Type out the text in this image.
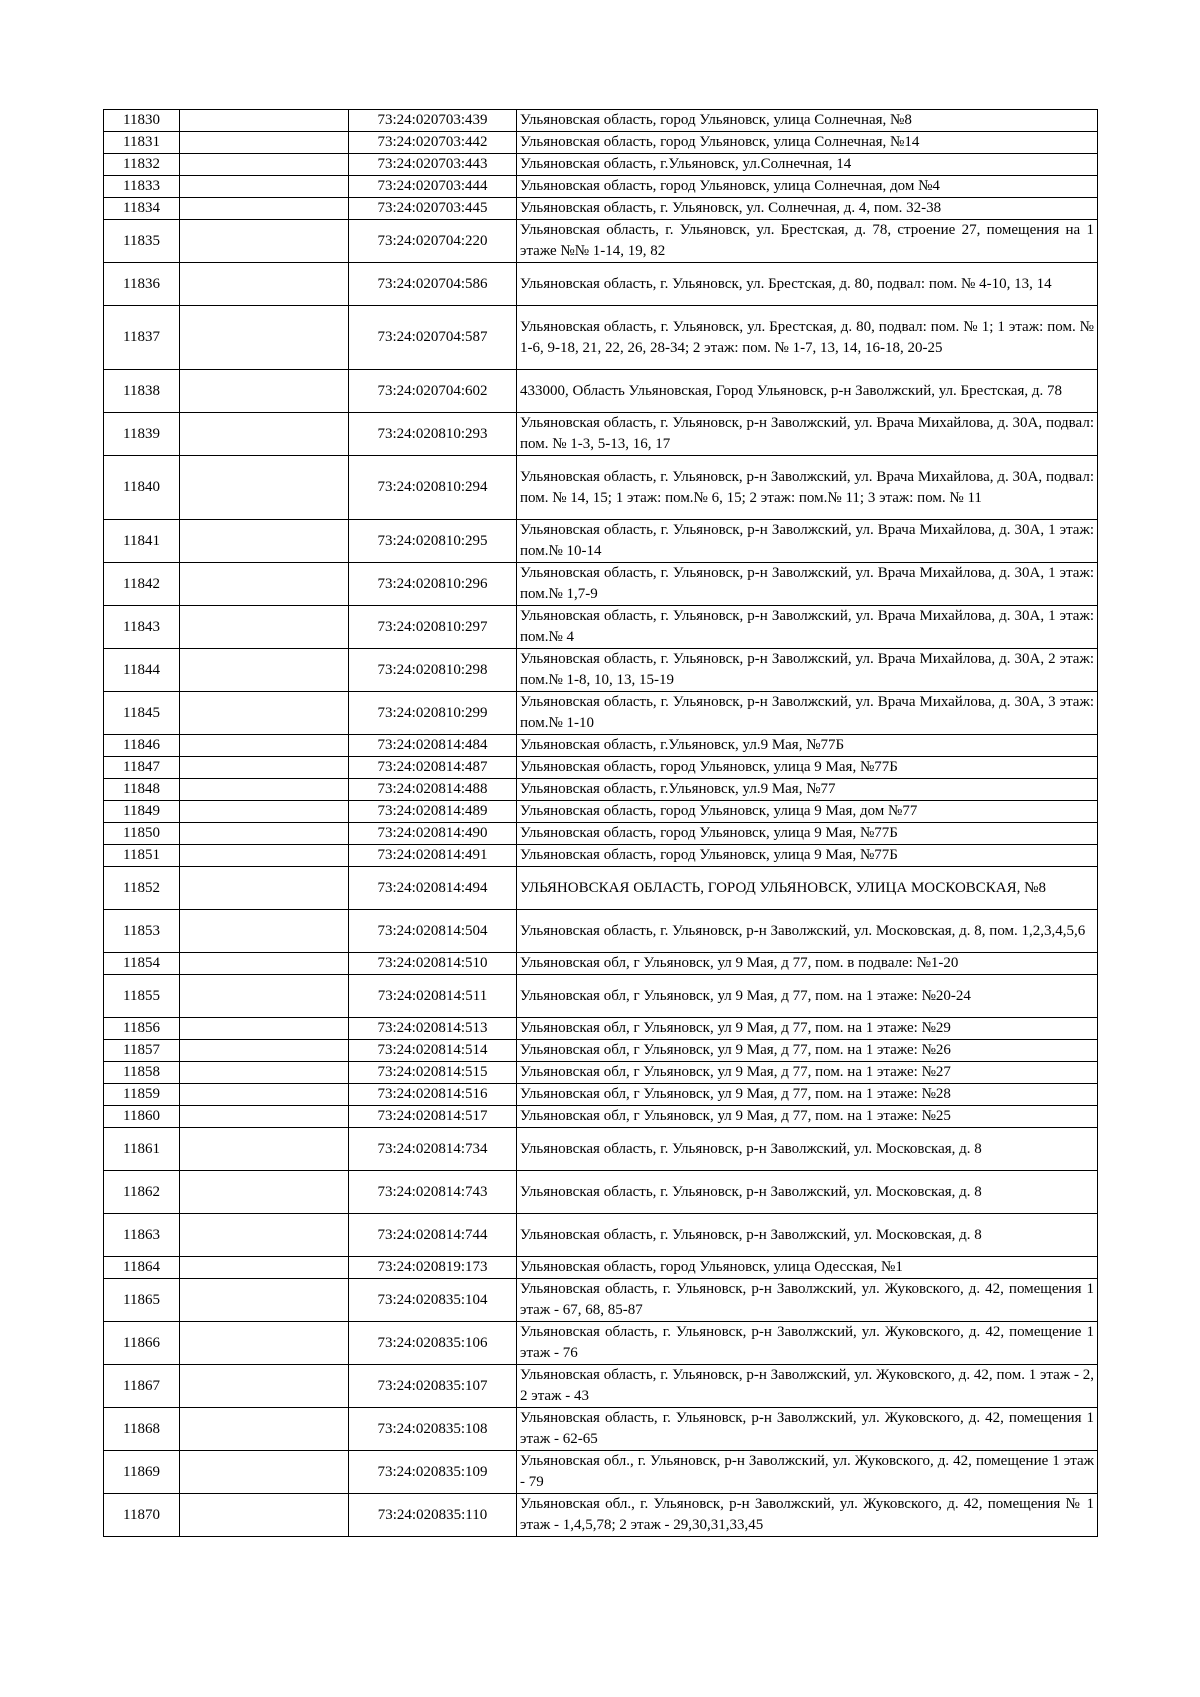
11830		73:24:020703:439	Ульяновская область, город Ульяновск, улица Солнечная, №8
11831		73:24:020703:442	Ульяновская область, город Ульяновск, улица Солнечная, №14
11832		73:24:020703:443	Ульяновская область, г.Ульяновск, ул.Солнечная, 14
11833		73:24:020703:444	Ульяновская область, город Ульяновск, улица Солнечная, дом №4
11834		73:24:020703:445	Ульяновская область, г. Ульяновск, ул. Солнечная, д. 4, пом. 32-38
11835		73:24:020704:220	Ульяновская область, г. Ульяновск, ул. Брестская, д. 78, строение 27, помещения на 1 этаже №№ 1-14, 19, 82
11836		73:24:020704:586	Ульяновская область, г. Ульяновск, ул. Брестская, д. 80, подвал: пом. № 4-10, 13, 14
11837		73:24:020704:587	Ульяновская область, г. Ульяновск, ул. Брестская, д. 80, подвал: пом. № 1; 1 этаж: пом. № 1-6, 9-18, 21, 22, 26, 28-34; 2 этаж: пом. № 1-7, 13, 14, 16-18, 20-25
11838		73:24:020704:602	433000, Область Ульяновская, Город Ульяновск, р-н Заволжский, ул. Брестская, д. 78
11839		73:24:020810:293	Ульяновская область, г. Ульяновск, р-н Заволжский, ул. Врача Михайлова, д. 30А, подвал: пом. № 1-3, 5-13, 16, 17
11840		73:24:020810:294	Ульяновская область, г. Ульяновск, р-н Заволжский, ул. Врача Михайлова, д. 30А, подвал: пом. № 14, 15; 1 этаж: пом.№ 6, 15; 2 этаж: пом.№ 11; 3 этаж: пом. № 11
11841		73:24:020810:295	Ульяновская область, г. Ульяновск, р-н Заволжский, ул. Врача Михайлова, д. 30А, 1 этаж: пом.№ 10-14
11842		73:24:020810:296	Ульяновская область, г. Ульяновск, р-н Заволжский, ул. Врача Михайлова, д. 30А, 1 этаж: пом.№ 1,7-9
11843		73:24:020810:297	Ульяновская область, г. Ульяновск, р-н Заволжский, ул. Врача Михайлова, д. 30А, 1 этаж: пом.№ 4
11844		73:24:020810:298	Ульяновская область, г. Ульяновск, р-н Заволжский, ул. Врача Михайлова, д. 30А, 2 этаж: пом.№ 1-8, 10, 13, 15-19
11845		73:24:020810:299	Ульяновская область, г. Ульяновск, р-н Заволжский, ул. Врача Михайлова, д. 30А, 3 этаж: пом.№ 1-10
11846		73:24:020814:484	Ульяновская область, г.Ульяновск, ул.9 Мая, №77Б
11847		73:24:020814:487	Ульяновская область, город Ульяновск, улица 9 Мая, №77Б
11848		73:24:020814:488	Ульяновская область, г.Ульяновск, ул.9 Мая, №77
11849		73:24:020814:489	Ульяновская область, город Ульяновск, улица 9 Мая, дом №77
11850		73:24:020814:490	Ульяновская область, город Ульяновск, улица 9 Мая, №77Б
11851		73:24:020814:491	Ульяновская область, город Ульяновск, улица 9 Мая, №77Б
11852		73:24:020814:494	УЛЬЯНОВСКАЯ ОБЛАСТЬ, ГОРОД УЛЬЯНОВСК, УЛИЦА МОСКОВСКАЯ, №8
11853		73:24:020814:504	Ульяновская область, г. Ульяновск, р-н Заволжский, ул. Московская, д. 8, пом. 1,2,3,4,5,6
11854		73:24:020814:510	Ульяновская обл, г Ульяновск, ул 9 Мая, д 77, пом. в подвале: №1-20
11855		73:24:020814:511	Ульяновская обл, г Ульяновск, ул 9 Мая, д 77, пом. на 1 этаже: №20-24
11856		73:24:020814:513	Ульяновская обл, г Ульяновск, ул 9 Мая, д 77, пом. на 1 этаже: №29
11857		73:24:020814:514	Ульяновская обл, г Ульяновск, ул 9 Мая, д 77, пом. на 1 этаже: №26
11858		73:24:020814:515	Ульяновская обл, г Ульяновск, ул 9 Мая, д 77, пом. на 1 этаже: №27
11859		73:24:020814:516	Ульяновская обл, г Ульяновск, ул 9 Мая, д 77, пом. на 1 этаже: №28
11860		73:24:020814:517	Ульяновская обл, г Ульяновск, ул 9 Мая, д 77, пом. на 1 этаже: №25
11861		73:24:020814:734	Ульяновская область, г. Ульяновск, р-н Заволжский, ул. Московская, д. 8
11862		73:24:020814:743	Ульяновская область, г. Ульяновск, р-н Заволжский, ул. Московская, д. 8
11863		73:24:020814:744	Ульяновская область, г. Ульяновск, р-н Заволжский, ул. Московская, д. 8
11864		73:24:020819:173	Ульяновская область, город Ульяновск, улица Одесская, №1
11865		73:24:020835:104	Ульяновская область, г. Ульяновск, р-н Заволжский, ул. Жуковского, д. 42, помещения 1 этаж - 67, 68, 85-87
11866		73:24:020835:106	Ульяновская область, г. Ульяновск, р-н Заволжский, ул. Жуковского, д. 42, помещение 1 этаж - 76
11867		73:24:020835:107	Ульяновская область, г. Ульяновск, р-н Заволжский, ул. Жуковского, д. 42, пом. 1 этаж - 2, 2 этаж - 43
11868		73:24:020835:108	Ульяновская область, г. Ульяновск, р-н Заволжский, ул. Жуковского, д. 42, помещения 1 этаж - 62-65
11869		73:24:020835:109	Ульяновская обл., г. Ульяновск, р-н Заволжский, ул. Жуковского, д. 42, помещение 1 этаж - 79
11870		73:24:020835:110	Ульяновская обл., г. Ульяновск, р-н Заволжский, ул. Жуковского, д. 42, помещения № 1 этаж - 1,4,5,78; 2 этаж - 29,30,31,33,45
